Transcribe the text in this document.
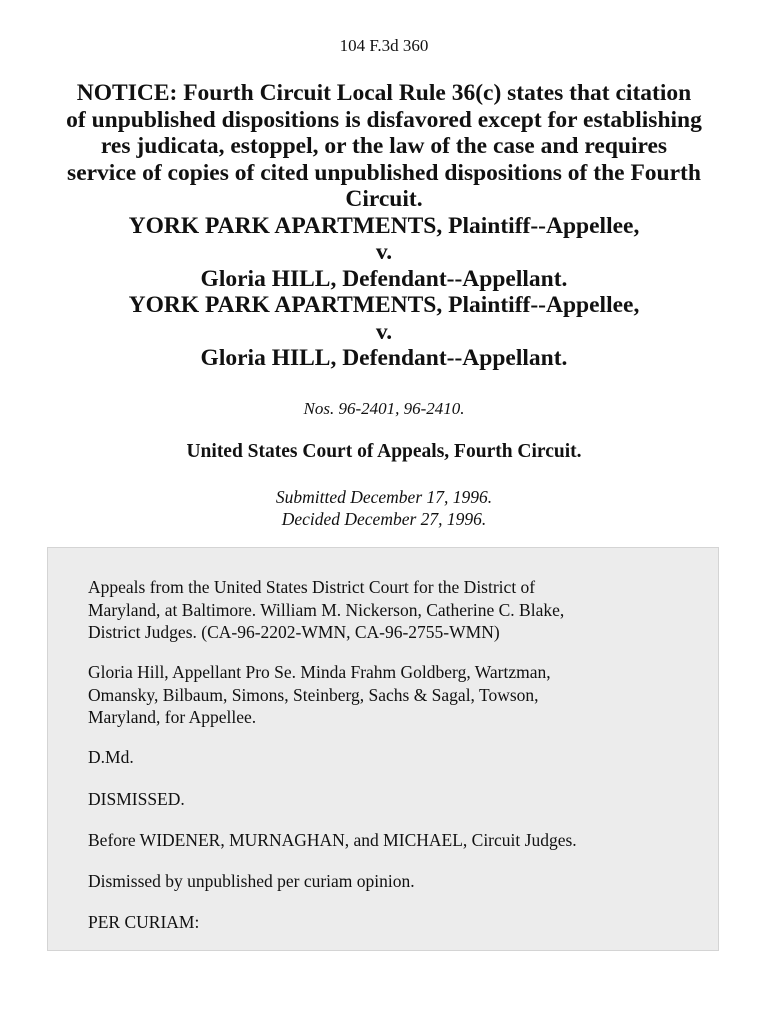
104 F.3d 360
NOTICE: Fourth Circuit Local Rule 36(c) states that citation
of unpublished dispositions is disfavored except for establishing
res judicata, estoppel, or the law of the case and requires
service of copies of cited unpublished dispositions of the Fourth
Circuit.
YORK PARK APARTMENTS, Plaintiff--Appellee,
v.
Gloria HILL, Defendant--Appellant.
YORK PARK APARTMENTS, Plaintiff--Appellee,
v.
Gloria HILL, Defendant--Appellant.
Nos. 96-2401, 96-2410.
United States Court of Appeals, Fourth Circuit.
Submitted December 17, 1996.
Decided December 27, 1996.
Appeals from the United States District Court for the District of
Maryland, at Baltimore. William M. Nickerson, Catherine C. Blake,
District Judges. (CA-96-2202-WMN, CA-96-2755-WMN)
Gloria Hill, Appellant Pro Se. Minda Frahm Goldberg, Wartzman,
Omansky, Bilbaum, Simons, Steinberg, Sachs & Sagal, Towson,
Maryland, for Appellee.
D.Md.
DISMISSED.
Before WIDENER, MURNAGHAN, and MICHAEL, Circuit Judges.
Dismissed by unpublished per curiam opinion.
PER CURIAM:
